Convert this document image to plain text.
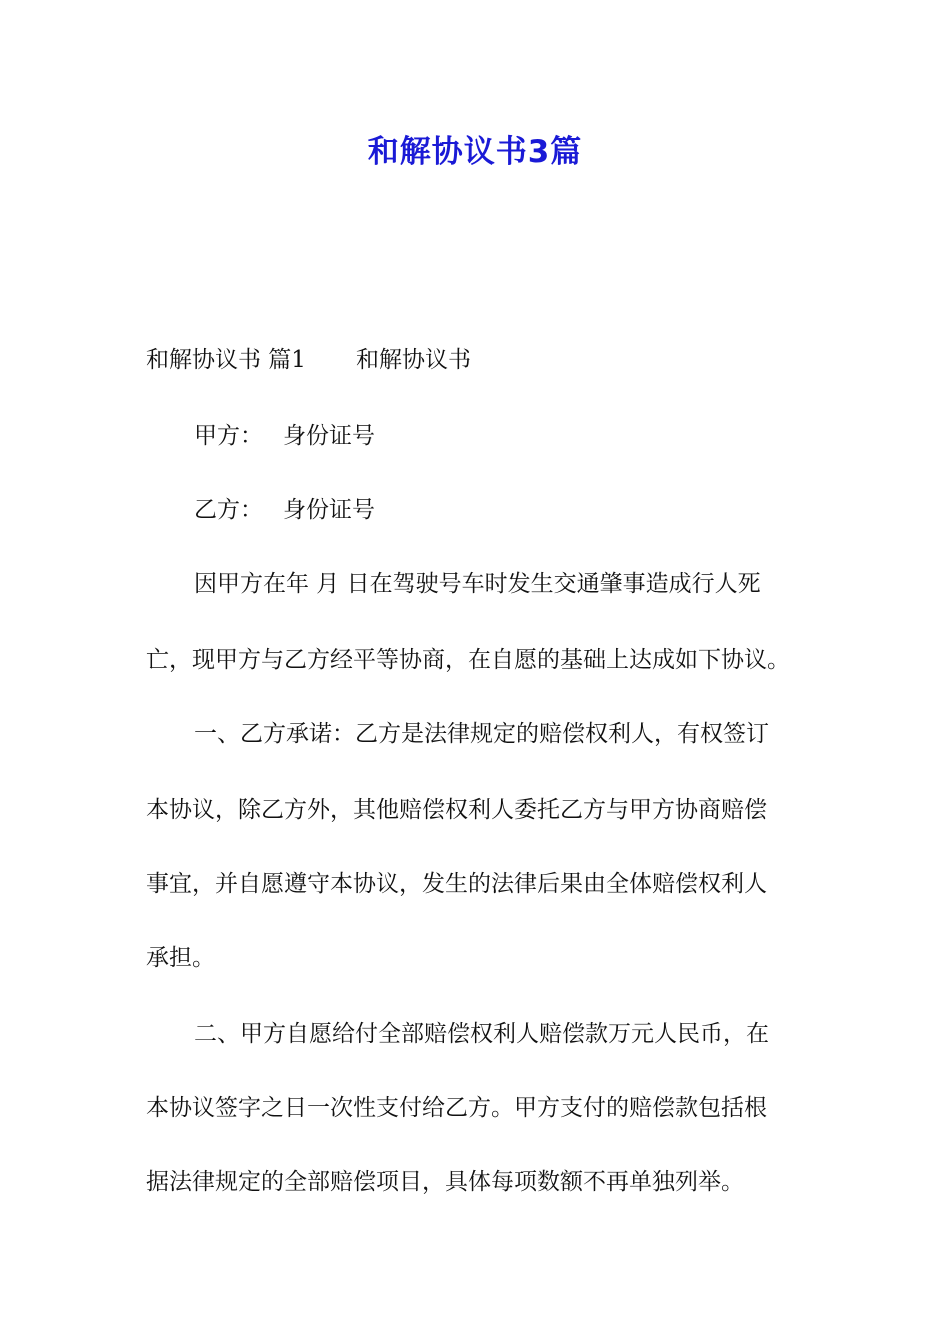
和解协议书3篇
和解协议书 篇1 和解协议书
甲方： 身份证号
乙方： 身份证号
因甲方在年 月 日在驾驶号车时发生交通肇事造成行人死
亡，现甲方与乙方经平等协商，在自愿的基础上达成如下协议。
一、乙方承诺：乙方是法律规定的赔偿权利人，有权签订
本协议，除乙方外，其他赔偿权利人委托乙方与甲方协商赔偿
事宜，并自愿遵守本协议，发生的法律后果由全体赔偿权利人
承担。
二、甲方自愿给付全部赔偿权利人赔偿款万元人民币，在
本协议签字之日一次性支付给乙方。甲方支付的赔偿款包括根
据法律规定的全部赔偿项目，具体每项数额不再单独列举。
